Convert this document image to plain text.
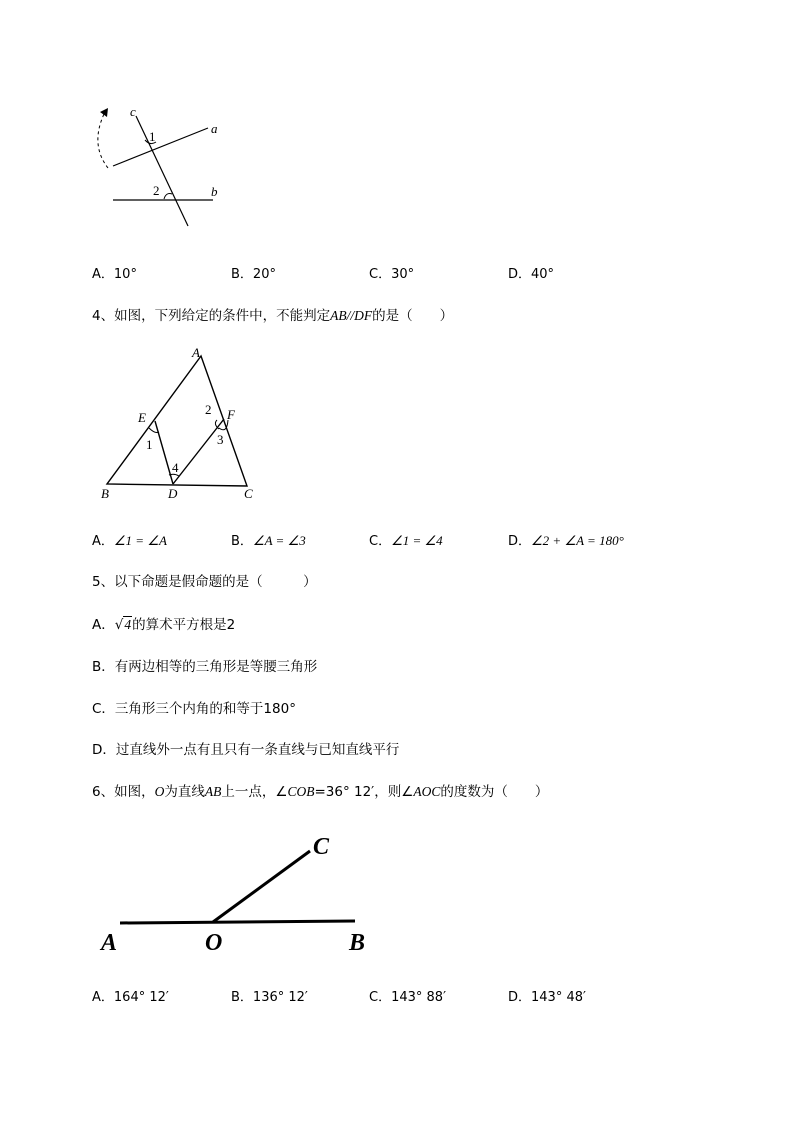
c
a
b
1
2
A．10°	B．20°	C．30°	D．40°
4、如图，下列给定的条件中，不能判定AB//DF的是（　　）
A
B	C
D
E	F
1
2
3
4
A．∠1 = ∠A	B．∠A = ∠3	C．∠1 = ∠4	D．∠2 + ∠A = 180°
5、以下命题是假命题的是（　　　）
A．√4的算术平方根是2
B．有两边相等的三角形是等腰三角形
C．三角形三个内角的和等于180°
D．过直线外一点有且只有一条直线与已知直线平行
6、如图，O为直线AB上一点，∠COB=36° 12′，则∠AOC的度数为（　　）
A	O	B
C
A．164° 12′	B．136° 12′	C．143° 88′	D．143° 48′
